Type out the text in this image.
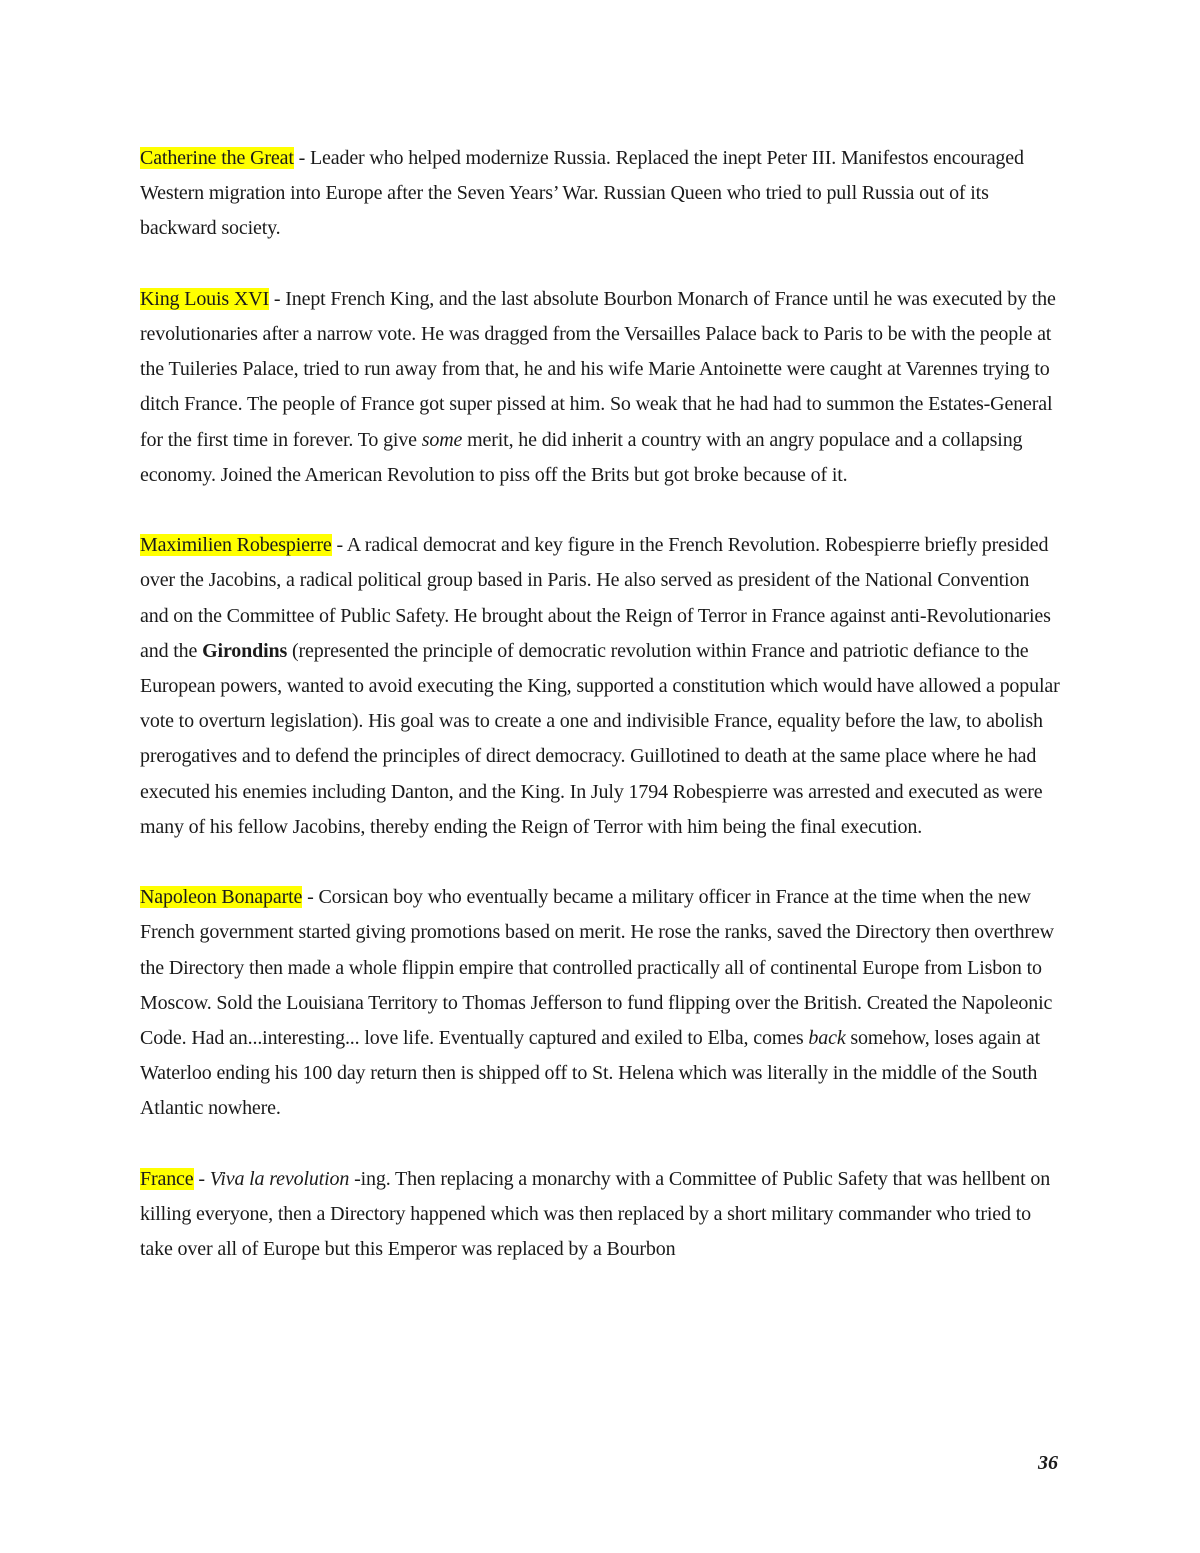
Catherine the Great - Leader who helped modernize Russia. Replaced the inept Peter III. Manifestos encouraged Western migration into Europe after the Seven Years’ War. Russian Queen who tried to pull Russia out of its backward society.

King Louis XVI - Inept French King, and the last absolute Bourbon Monarch of France until he was executed by the revolutionaries after a narrow vote. He was dragged from the Versailles Palace back to Paris to be with the people at the Tuileries Palace, tried to run away from that, he and his wife Marie Antoinette were caught at Varennes trying to ditch France. The people of France got super pissed at him. So weak that he had had to summon the Estates-General for the first time in forever. To give some merit, he did inherit a country with an angry populace and a collapsing economy. Joined the American Revolution to piss off the Brits but got broke because of it.

Maximilien Robespierre - A radical democrat and key figure in the French Revolution. Robespierre briefly presided over the Jacobins, a radical political group based in Paris. He also served as president of the National Convention and on the Committee of Public Safety. He brought about the Reign of Terror in France against anti-Revolutionaries and the Girondins (represented the principle of democratic revolution within France and patriotic defiance to the European powers, wanted to avoid executing the King, supported a constitution which would have allowed a popular vote to overturn legislation). His goal was to create a one and indivisible France, equality before the law, to abolish prerogatives and to defend the principles of direct democracy. Guillotined to death at the same place where he had executed his enemies including Danton, and the King. In July 1794 Robespierre was arrested and executed as were many of his fellow Jacobins, thereby ending the Reign of Terror with him being the final execution.

Napoleon Bonaparte - Corsican boy who eventually became a military officer in France at the time when the new French government started giving promotions based on merit. He rose the ranks, saved the Directory then overthrew the Directory then made a whole flippin empire that controlled practically all of continental Europe from Lisbon to Moscow. Sold the Louisiana Territory to Thomas Jefferson to fund flipping over the British. Created the Napoleonic Code. Had an...interesting... love life. Eventually captured and exiled to Elba, comes back somehow, loses again at Waterloo ending his 100 day return then is shipped off to St. Helena which was literally in the middle of the South Atlantic nowhere.

France - Viva la revolution -ing. Then replacing a monarchy with a Committee of Public Safety that was hellbent on killing everyone, then a Directory happened which was then replaced by a short military commander who tried to take over all of Europe but this Emperor was replaced by a Bourbon

36
